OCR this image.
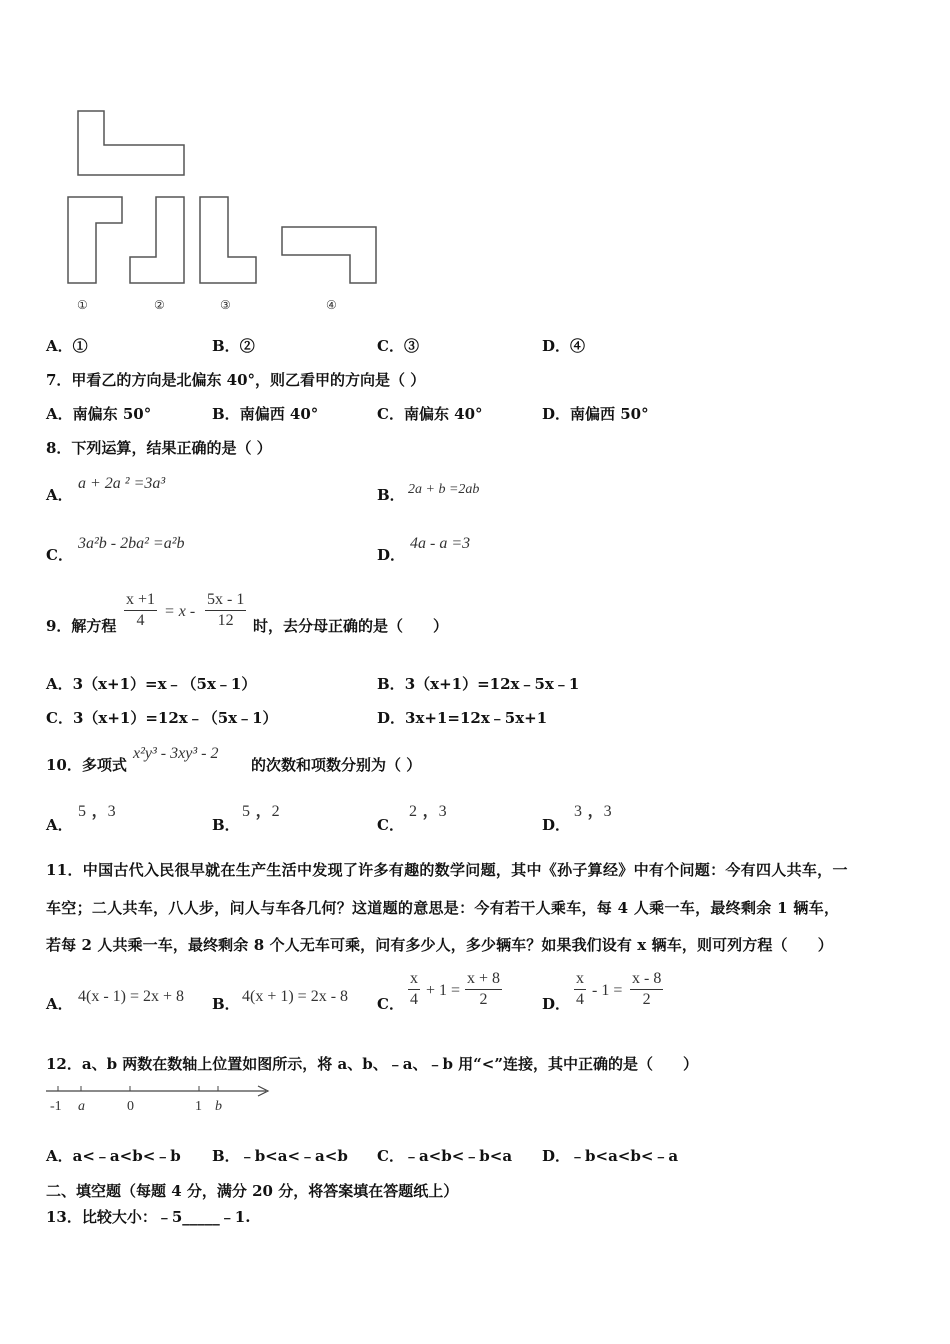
①	②	③	④
A．①	B．②	C．③	D．④
7．甲看乙的方向是北偏东 40°，则乙看甲的方向是（ ）
A．南偏东 50°	B．南偏西 40°	C．南偏东 40°	D．南偏西 50°
8．下列运算，结果正确的是（ ）
A．
a + 2a ² =3a³
B． 2a + b =2ab
C．
3a²b - 2ba² =a²b
D．
4a - a =3
9．解方程 $\frac{x +1}{4} = x - \frac{5x - 1}{12}$ 时，去分母正确的是（　　）
A．3（x+1）=x﹣（5x﹣1）	B．3（x+1）=12x﹣5x﹣1
C．3（x+1）=12x﹣（5x﹣1）	D．3x+1=12x﹣5x+1
10．多项式
x²y³ - 3xy³ - 2
的次数和项数分别为（ ）
A．
5 ，3
B．
5 ，2
C．
2 ，3
D．
3 ，3
11．中国古代入民很早就在生产生活中发现了许多有趣的数学问题，其中《孙子算经》中有个问题：今有四人共车，一
车空；二人共车，八人步，问人与车各几何？这道题的意思是：今有若干人乘车，每 4 人乘一车，最终剩余 1 辆车，
若每 2 人共乘一车，最终剩余 8 个人无车可乘，问有多少人，多少辆车？如果我们设有 x 辆车，则可列方程（　　）
A． 4(x - 1) = 2x + 8 B． 4(x + 1) = 2x - 8 C． $\frac{x}{4} + 1 = \frac{x + 8}{2}$	D． $\frac{x}{4} - 1 = \frac{x - 8}{2}$
12．a、b 两数在数轴上位置如图所示，将 a、b、﹣a、﹣b 用“<”连接，其中正确的是（　　）
-1 a	0	1 b
A．a<﹣a<b<﹣b B．﹣b<a<﹣a<b C．﹣a<b<﹣b<a D．﹣b<a<b<﹣a
二、填空题（每题 4 分，满分 20 分，将答案填在答题纸上）
13．比较大小：﹣5_____﹣1.
